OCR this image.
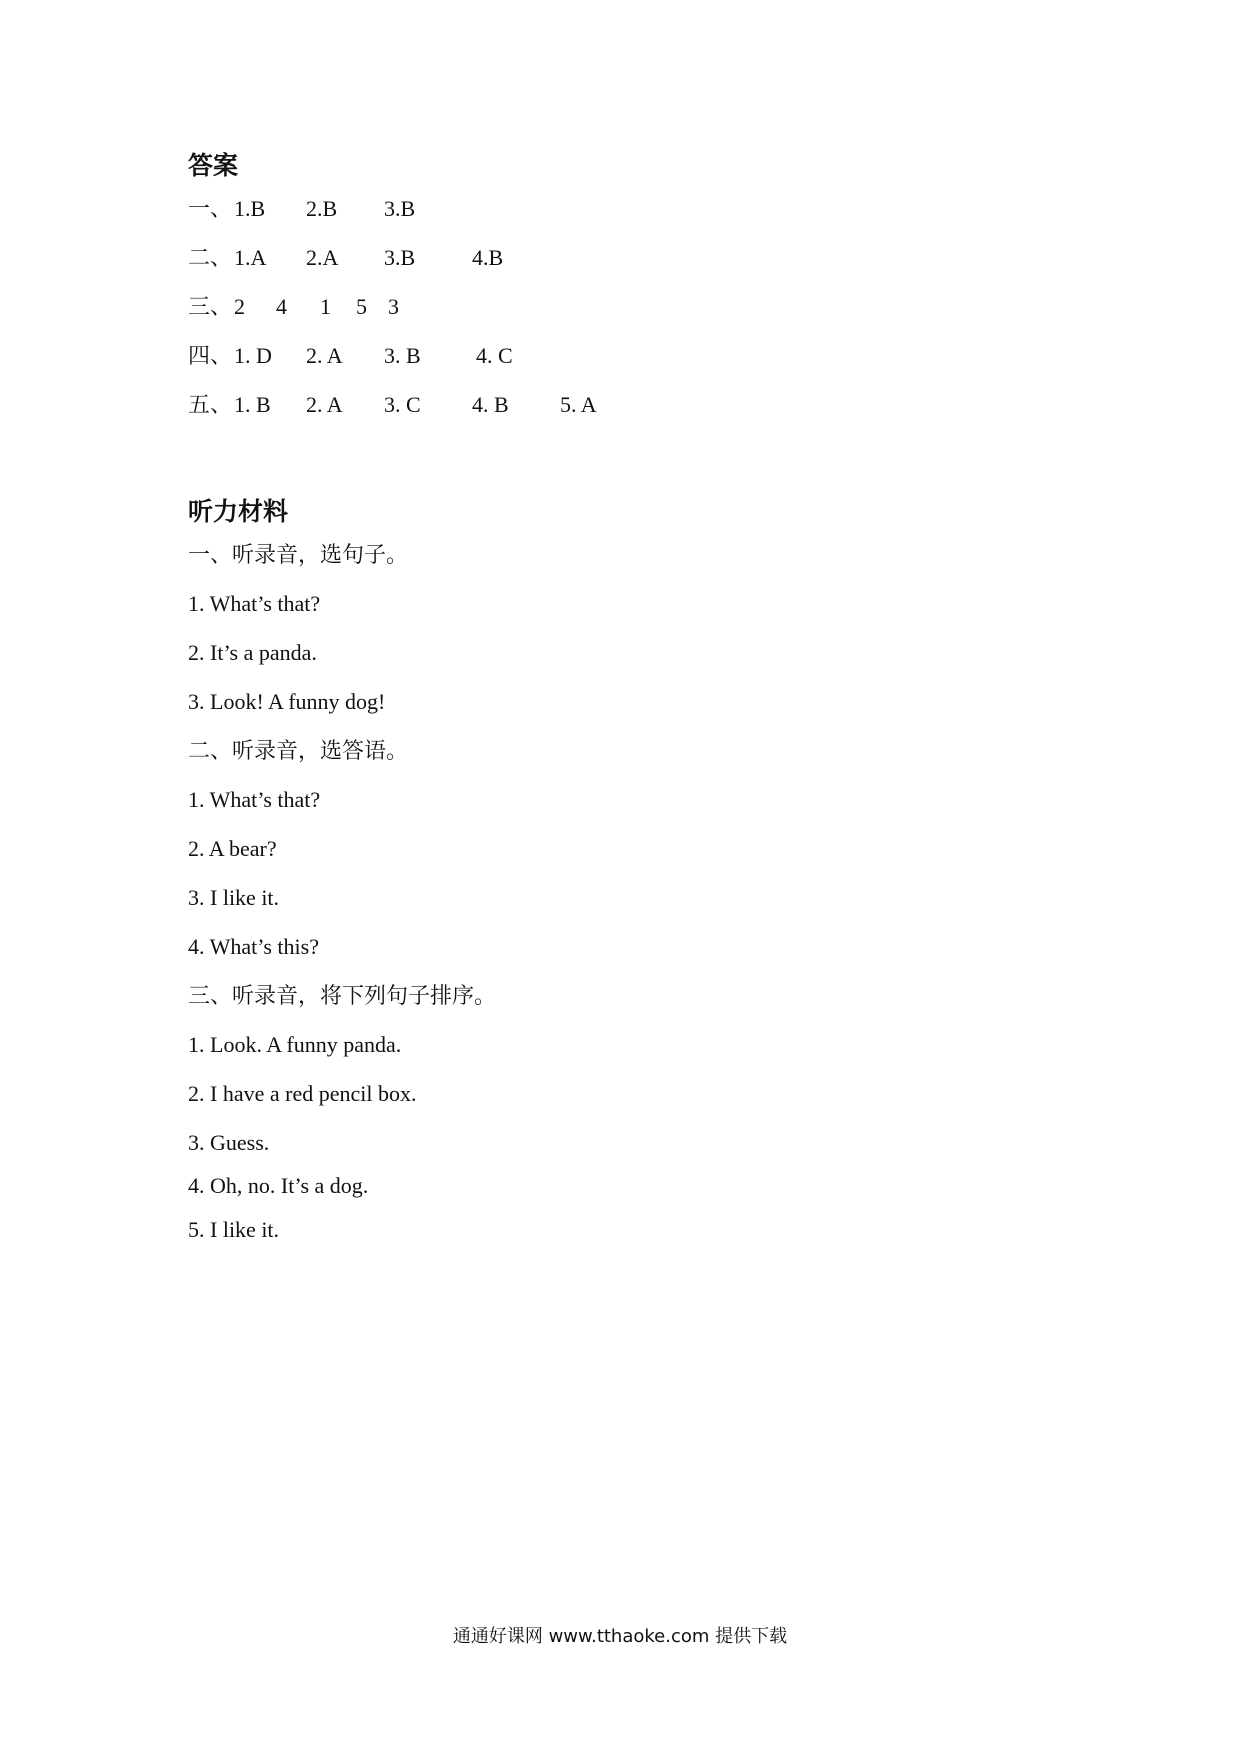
答案
一、 1.B	2.B	3.B
二、 1.A	2.A	3.B	4.B
三、 2	4	1	5 3
四、 1. D	2. A	3. B	4. C
五、 1. B	2. A	3. C	4. B	5. A
听力材料
一、听录音，选句子。
1. What’s that?
2. It’s a panda.
3. Look! A funny dog!
二、听录音，选答语。
1. What’s that?
2. A bear?
3. I like it.
4. What’s this?
三、听录音，将下列句子排序。
1. Look. A funny panda.
2. I have a red pencil box.
3. Guess.
4. Oh, no. It’s a dog.
5. I like it.
通通好课网 www.tthaoke.com 提供下载
